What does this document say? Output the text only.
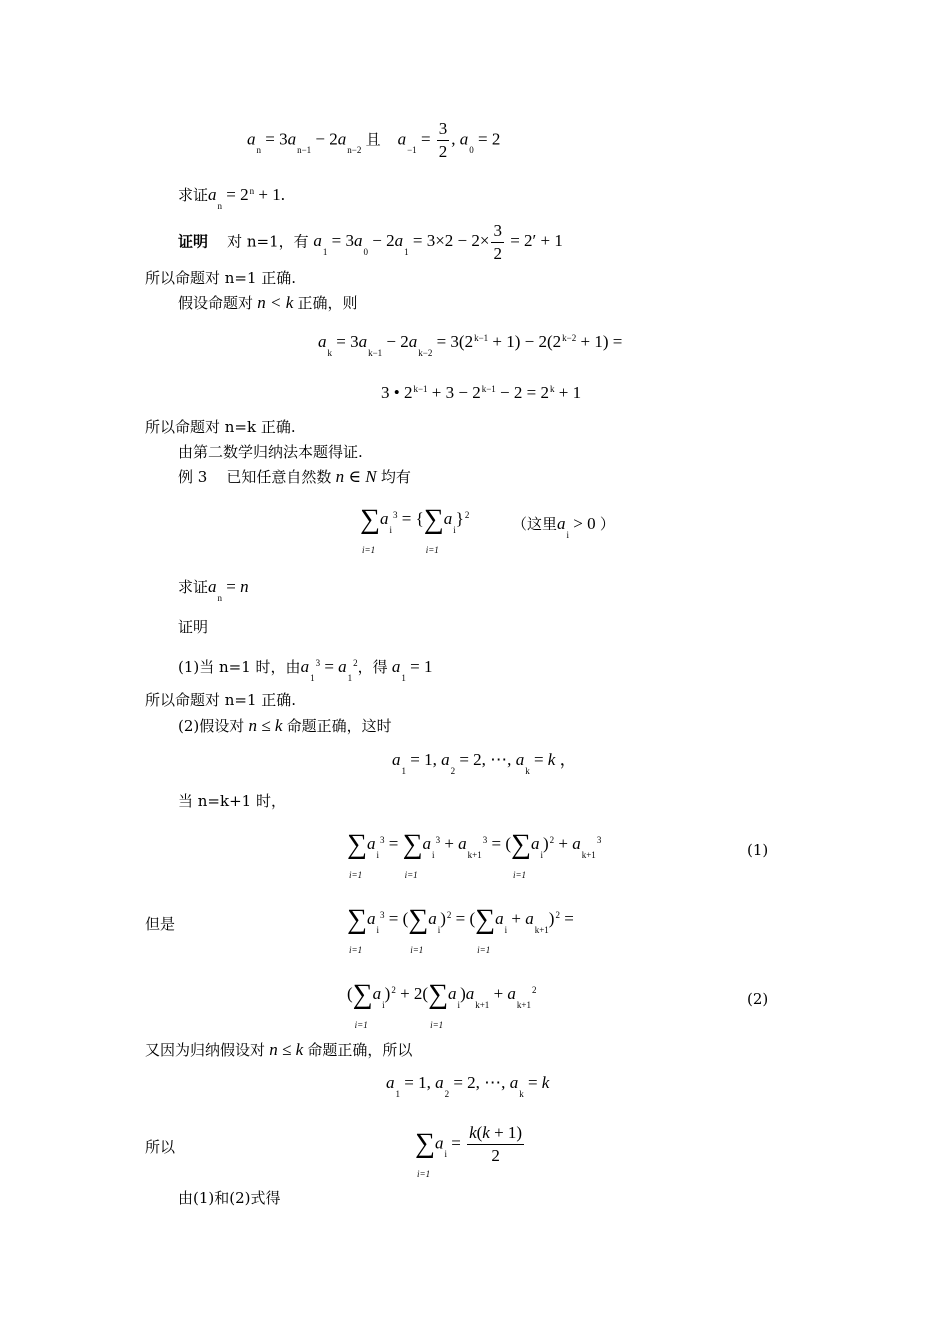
$a_n = 3a_{n-1} - 2a_{n-2}$ 且 $a_{-1} = \frac{3}{2}$ , $a_0 = 2$
求证$a_n = 2^n + 1$.
证明 对 n=1，有 $a_1 = 3a_0 - 2a_1 = 3\times 2 - 2\times \frac{3}{2} = 2' + 1$
所以命题对 n=1 正确.
假设命题对 n < k 正确，则
$a_k = 3a_{k-1} - 2a_{k-2} = 3(2^{k-1} + 1) - 2(2^{k-2} + 1)$ =
3 • $2^{k-1} + 3 - 2^{k-1} - 2 = 2^k + 1$
所以命题对 n=k 正确.
由第二数学归纳法本题得证.
例 3 已知任意自然数 n ∈ N 均有
∑
i=1
$a_i^3$ = {∑
i=1
$a_i\}^2$	（这里$a_i > 0$ ）
求证$a_n = n$
证明
(1)当 n=1 时，由$a_1^3 = a_1^2$，得 $a_1 = 1$
所以命题对 n=1 正确.
(2)假设对 n ≤ k 命题正确，这时
$a_1 = 1$, $a_2 = 2$, ⋯, $a_k = k$ ，
当 n=k+1 时，
∑
i=1
$a_i^3$ = ∑
i=1
$a_i^3 + a_{k+1}^3$ = (∑
i=1
$a_i)^2 + a_{k+1}^3$
(1)
但是	∑
i=1
$a_i^3$ = (∑
i=1
$a_i)^2$ = (∑
i=1
$a_i + a_{k+1})^2$ =
(∑
i=1
$a_i)^2 + 2(\sum$
i=1
$a_i)a_{k+1} + a_{k+1}^2$	(2)
又因为归纳假设对 n ≤ k 命题正确，所以
$a_1 = 1$, $a_2 = 2$, ⋯, $a_k = k$
所以	∑
i=1
$a_i = \frac{k(k + 1)}{2}$
由(1)和(2)式得
